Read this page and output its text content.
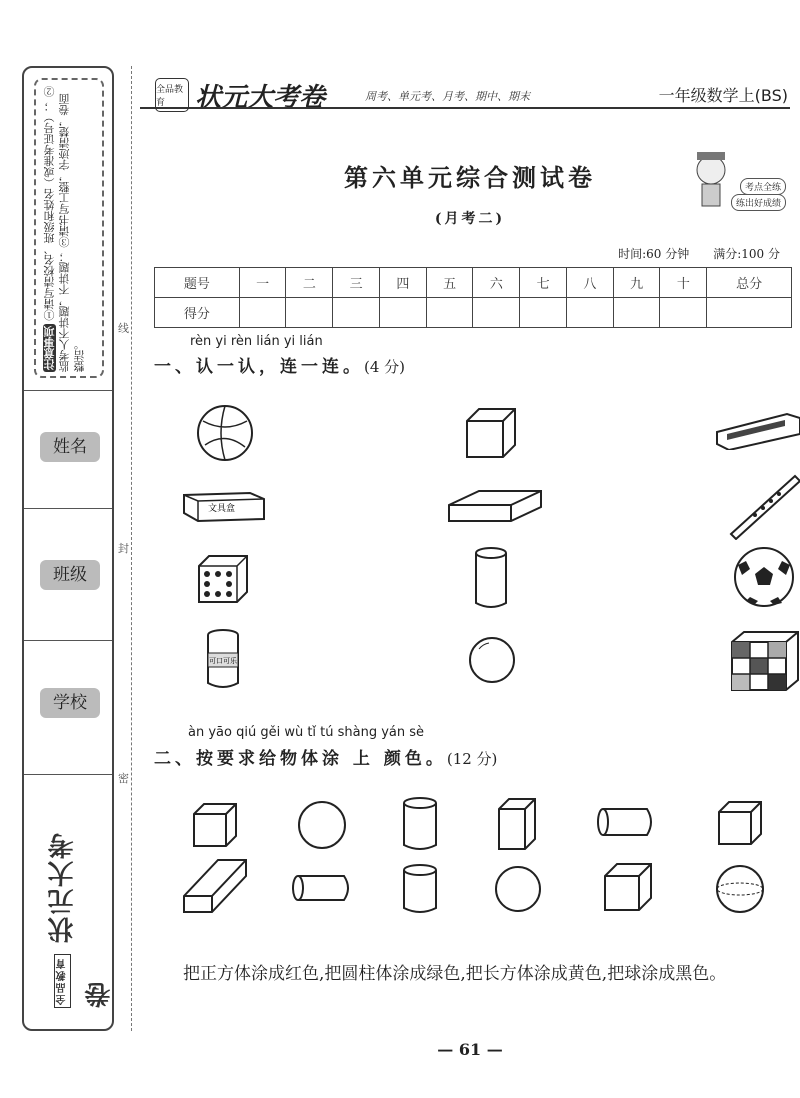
注意事项 ①请写清校名、班级和姓名（或准考证号）； ②监考人不讲题，不讲题； ③请书写工整，字迹清楚，卷面整洁。
姓名
班级
学校
全品教育 状元大考卷
线
封
密
全品教育	状元大考卷	周考、单元考、月考、期中、期末	一年级数学上(BS)
第六单元综合测试卷
(月考二)
考点全练
练出好成绩
时间:60 分钟　　满分:100 分
题号	一	二	三	四	五	六	七	八	九	十	总分
得分											
rèn yi rèn lián yi lián
一、认一认，连一连。(4 分)
文具盒
可口可乐
àn yāo qiú gěi wù tǐ tú shàng yán sè
二、按要求给物体涂 上 颜色。(12 分)
把正方体涂成红色,把圆柱体涂成绿色,把长方体涂成黄色,把球涂成黑色。
— 61 —
